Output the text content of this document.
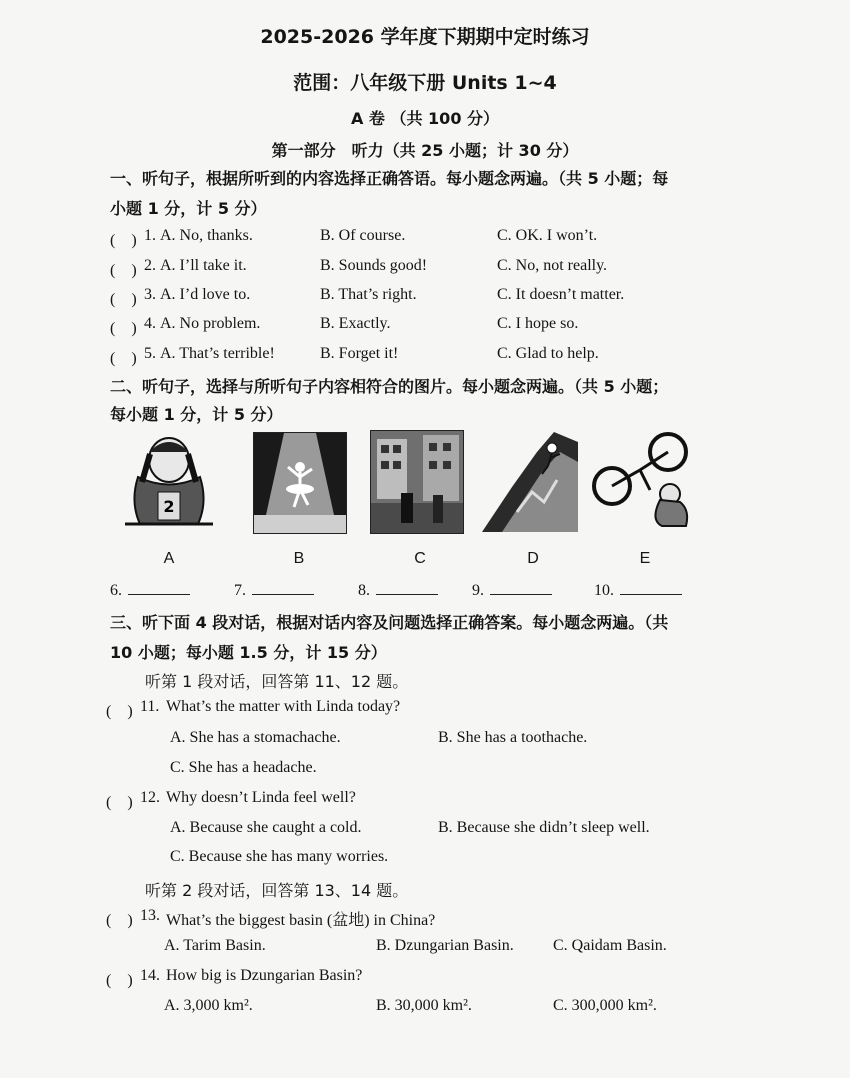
2025-2026 学年度下期期中定时练习
范围：八年级下册 Units 1~4
A 卷 （共 100 分）
第一部分　听力（共 25 小题；计 30 分）
一、听句子，根据所听到的内容选择正确答语。每小题念两遍。（共 5 小题；每
小题 1 分，计 5 分）
(　) 1. A. No, thanks.	B. Of course.	C. OK. I won’t.
(　) 2. A. I’ll take it.	B. Sounds good!	C. No, not really.
(　) 3. A. I’d love to.	B. That’s right.	C. It doesn’t matter.
(　) 4. A. No problem.	B. Exactly.	C. I hope so.
(　) 5. A. That’s terrible!	B. Forget it!	C. Glad to help.
二、听句子，选择与所听句子内容相符合的图片。每小题念两遍。（共 5 小题；
每小题 1 分，计 5 分）
2
A	B	C	D	E
6.	7.	8.	9.	10.
三、听下面 4 段对话，根据对话内容及问题选择正确答案。每小题念两遍。（共
10 小题；每小题 1.5 分，计 15 分）
听第 1 段对话，回答第 11、12 题。
(　) 11. What’s the matter with Linda today?
A. She has a stomachache.	B. She has a toothache.
C. She has a headache.
(　) 12. Why doesn’t Linda feel well?
A. Because she caught a cold.	B. Because she didn’t sleep well.
C. Because she has many worries.
听第 2 段对话，回答第 13、14 题。
(　) 13. What’s the biggest basin (盆地) in China?
A. Tarim Basin.	B. Dzungarian Basin. C. Qaidam Basin.
(　) 14. How big is Dzungarian Basin?
A. 3,000 km².	B. 30,000 km².	C. 300,000 km².
